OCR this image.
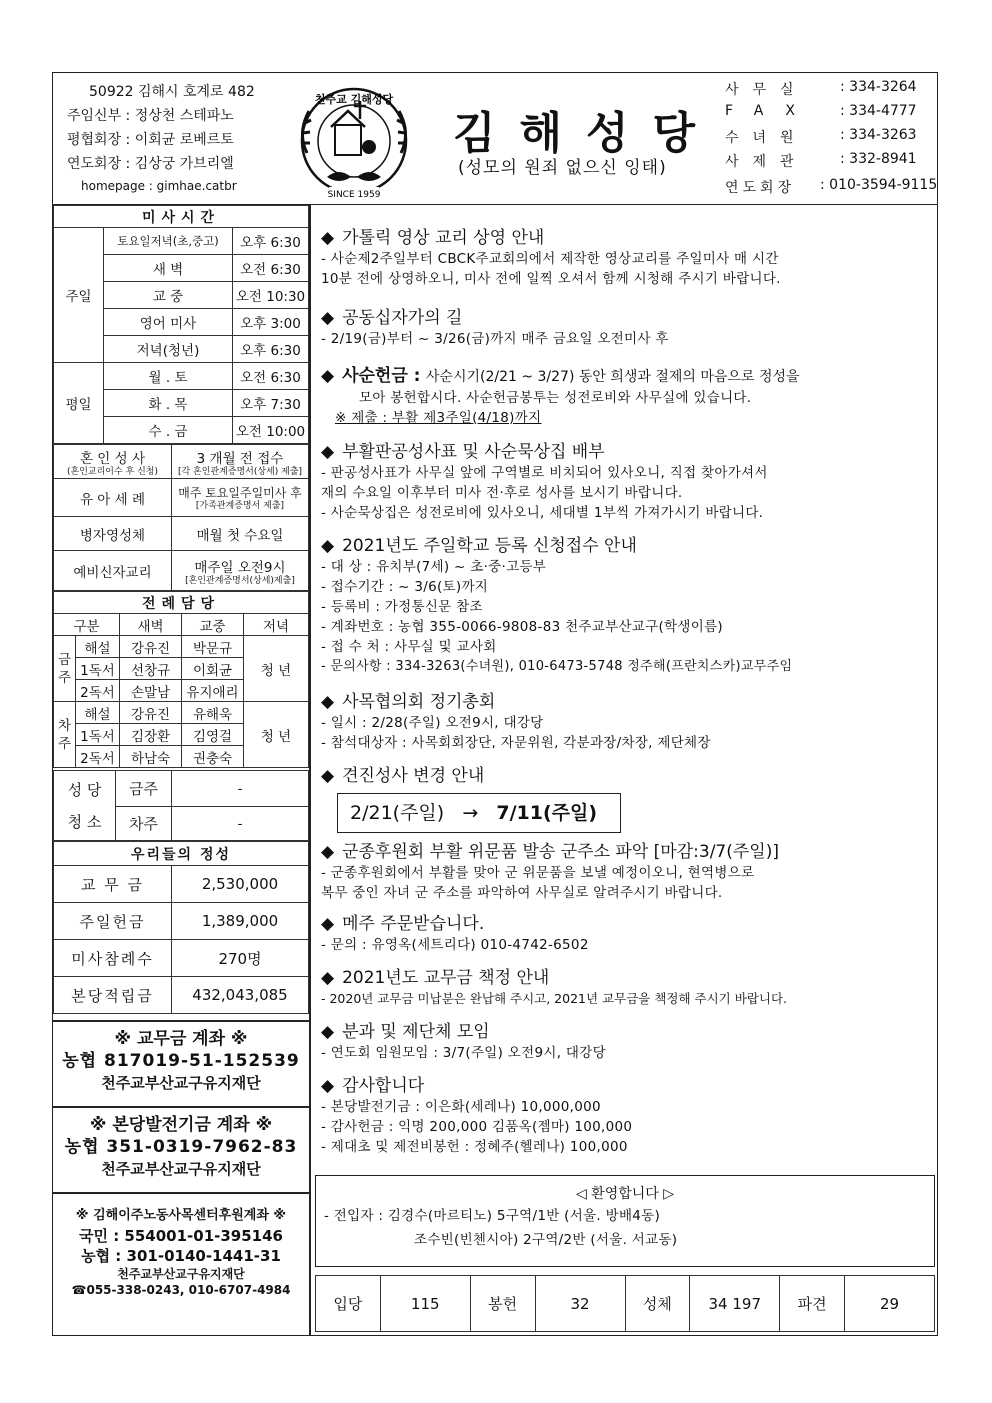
50922 김해시 호계로 482
주임신부 : 정상천 스테파노
평협회장 : 이회균 로베르토
연도회장 : 김상궁 가브리엘
homepage : gimhae.catbr
천주교 김해성당
SINCE 1959
김해성당
(성모의 원죄 없으신 잉태)
사무실 : 334-3264
FAX : 334-4777
수녀원 : 334-3263
사제관 : 332-8941
연도회장 : 010-3594-9115
미사시간		
주일	토요일저녁(초,중고)	오후 6:30
	새 벽	오전 6:30
	교 중	오전 10:30
	영어 미사	오후 3:00
	저녁(청년)	오후 6:30
평일	월 . 토	오전 6:30
	화 . 목	오후 7:30
	수 . 금	오전 10:00
혼 인 성 사
(혼인교리이수 후 신청)	3 개월 전 접수
[각 혼인관계증명서(상세) 제출]

유 아 세 례	매주 토요일주일미사 후
[가족관계증명서 제출]

병자영성체	매월 첫 수요일
예비신자교리	매주일 오전9시
[혼인관계증명서(상세)제출]
전례담당				
구분		새벽	교중	저녁
금주	해설	강유진	박문규	청 년
	1독서	선창규	이회균	
	2독서	손말남	유지애리	
차주	해설	강유진	유해욱	청 년
	1독서	김장환	김영걸	
	2독서	하남숙	권충숙	
성 당
청 소	금주	-
	차주	-
우리들의 정성	
교 무 금	2,530,000
주일헌금	1,389,000
미사참례수	270명
본당적립금	432,043,085
※ 교무금 계좌 ※
농협 817019-51-152539
천주교부산교구유지재단
※ 본당발전기금 계좌 ※
농협 351-0319-7962-83
천주교부산교구유지재단
※ 김해이주노동사목센터후원계좌 ※
국민 : 554001-01-395146
농협 : 301-0140-1441-31
천주교부산교구유지재단
☎055-338-0243, 010-6707-4984
◆ 가톨릭 영상 교리 상영 안내
- 사순제2주일부터 CBCK주교회의에서 제작한 영상교리를 주일미사 매 시간
10분 전에 상영하오니, 미사 전에 일찍 오셔서 함께 시청해 주시기 바랍니다.
◆ 공동십자가의 길
- 2/19(금)부터 ~ 3/26(금)까지 매주 금요일 오전미사 후
◆ 사순헌금 : 사순시기(2/21 ~ 3/27) 동안 희생과 절제의 마음으로 정성을
모아 봉헌합시다. 사순헌금봉투는 성전로비와 사무실에 있습니다.
※ 제출 : 부활 제3주일(4/18)까지
◆ 부활판공성사표 및 사순묵상집 배부
- 판공성사표가 사무실 앞에 구역별로 비치되어 있사오니, 직접 찾아가셔서
재의 수요일 이후부터 미사 전·후로 성사를 보시기 바랍니다.
- 사순묵상집은 성전로비에 있사오니, 세대별 1부씩 가져가시기 바랍니다.
◆ 2021년도 주일학교 등록 신청접수 안내
- 대 상 : 유치부(7세) ~ 초·중·고등부
- 접수기간 : ~ 3/6(토)까지
- 등록비 : 가정통신문 참조
- 계좌번호 : 농협 355-0066-9808-83 천주교부산교구(학생이름)
- 접 수 처 : 사무실 및 교사회
- 문의사항 : 334-3263(수녀원), 010-6473-5748 정주해(프란치스카)교무주임
◆ 사목협의회 정기총회
- 일시 : 2/28(주일) 오전9시, 대강당
- 참석대상자 : 사목회회장단, 자문위원, 각분과장/차장, 제단체장
◆ 견진성사 변경 안내
2/21(주일) → 7/11(주일)
◆ 군종후원회 부활 위문품 발송 군주소 파악 [마감:3/7(주일)]
- 군종후원회에서 부활를 맞아 군 위문품을 보낼 예정이오니, 현역병으로
복무 중인 자녀 군 주소를 파악하여 사무실로 알려주시기 바랍니다.
◆ 메주 주문받습니다.
- 문의 : 유영옥(세트리다) 010-4742-6502
◆ 2021년도 교무금 책정 안내
- 2020년 교무금 미납분은 완납해 주시고, 2021년 교무금을 책정해 주시기 바랍니다.
◆ 분과 및 제단체 모임
- 연도회 임원모임 : 3/7(주일) 오전9시, 대강당
◆ 감사합니다
- 본당발전기금 : 이은화(세레나) 10,000,000
- 감사헌금 : 익명 200,000 김품옥(젬마) 100,000
- 제대초 및 제전비봉헌 : 정혜주(헬레나) 100,000
◁ 환영합니다 ▷
- 전입자 : 김경수(마르티노) 5구역/1반 (서울. 방배4동)
조수빈(빈첸시아) 2구역/2반 (서울. 서교동)
입당	115	봉헌	32	성체	34 197	파견	29
